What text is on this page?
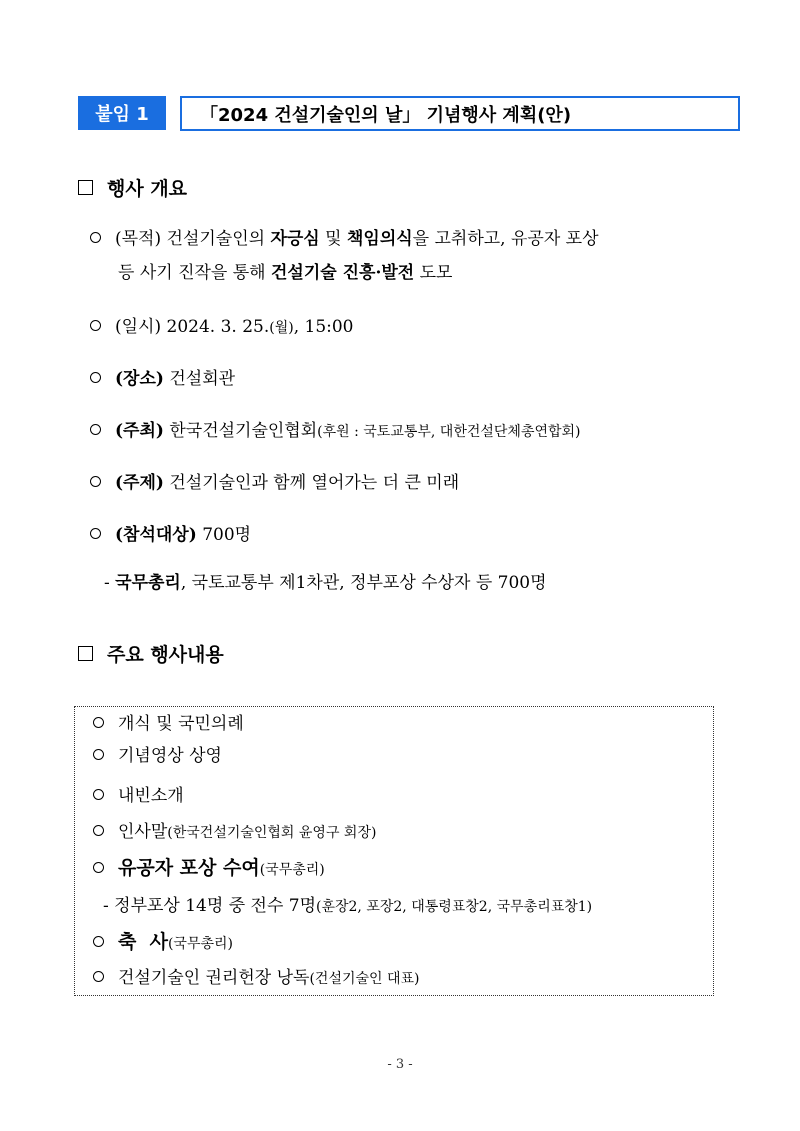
붙임 1	「2024 건설기술인의 날」 기념행사 계획(안)
행사 개요
(목적) 건설기술인의 자긍심 및 책임의식을 고취하고, 유공자 포상
등 사기 진작을 통해 건설기술 진흥·발전 도모
(일시) 2024. 3. 25.(월), 15:00
(장소) 건설회관
(주최) 한국건설기술인협회(후원 : 국토교통부, 대한건설단체총연합회)
(주제) 건설기술인과 함께 열어가는 더 큰 미래
(참석대상) 700명
- 국무총리, 국토교통부 제1차관, 정부포상 수상자 등 700명
주요 행사내용
개식 및 국민의례
기념영상 상영
내빈소개
인사말(한국건설기술인협회 윤영구 회장)
유공자 포상 수여(국무총리)
- 정부포상 14명 중 전수 7명(훈장2, 포장2, 대통령표창2, 국무총리표창1)
축  사(국무총리)
건설기술인 권리헌장 낭독(건설기술인 대표)
- 3 -
